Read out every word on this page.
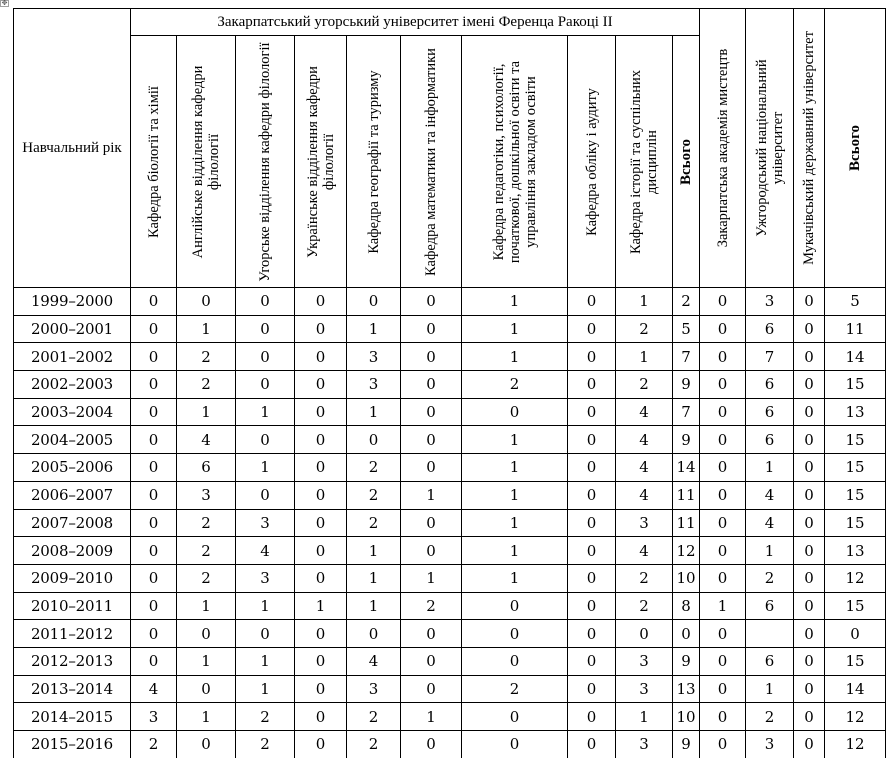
✥
Навчальний рік	Закарпатський угорський університет імені Ференца Ракоці ІІ										Закарпатська академія мистецтв	Ужгородський національний університет	Мукачівський державний університет	Всього

	Кафедра біології та хімії	Англійське відділення кафедри філології	Угорське відділення кафедри філології	Українське відділення кафедри філології	Кафедра географії та туризму	Кафедра математики та інформатики	Кафедра педагогіки, психології, початкової, дошкільної освіти та управління закладом освіти	Кафедра обліку і аудиту	Кафедра історії та суспільних дисциплін	Всього				

1999–2000	0	0	0	0	0	0	1	0	1	2	0	3	0	5
2000–2001	0	1	0	0	1	0	1	0	2	5	0	6	0	11
2001–2002	0	2	0	0	3	0	1	0	1	7	0	7	0	14
2002–2003	0	2	0	0	3	0	2	0	2	9	0	6	0	15
2003–2004	0	1	1	0	1	0	0	0	4	7	0	6	0	13
2004–2005	0	4	0	0	0	0	1	0	4	9	0	6	0	15
2005–2006	0	6	1	0	2	0	1	0	4	14	0	1	0	15
2006–2007	0	3	0	0	2	1	1	0	4	11	0	4	0	15
2007–2008	0	2	3	0	2	0	1	0	3	11	0	4	0	15
2008–2009	0	2	4	0	1	0	1	0	4	12	0	1	0	13
2009–2010	0	2	3	0	1	1	1	0	2	10	0	2	0	12
2010–2011	0	1	1	1	1	2	0	0	2	8	1	6	0	15
2011–2012	0	0	0	0	0	0	0	0	0	0	0		0	0
2012–2013	0	1	1	0	4	0	0	0	3	9	0	6	0	15
2013–2014	4	0	1	0	3	0	2	0	3	13	0	1	0	14
2014–2015	3	1	2	0	2	1	0	0	1	10	0	2	0	12
2015–2016	2	0	2	0	2	0	0	0	3	9	0	3	0	12
